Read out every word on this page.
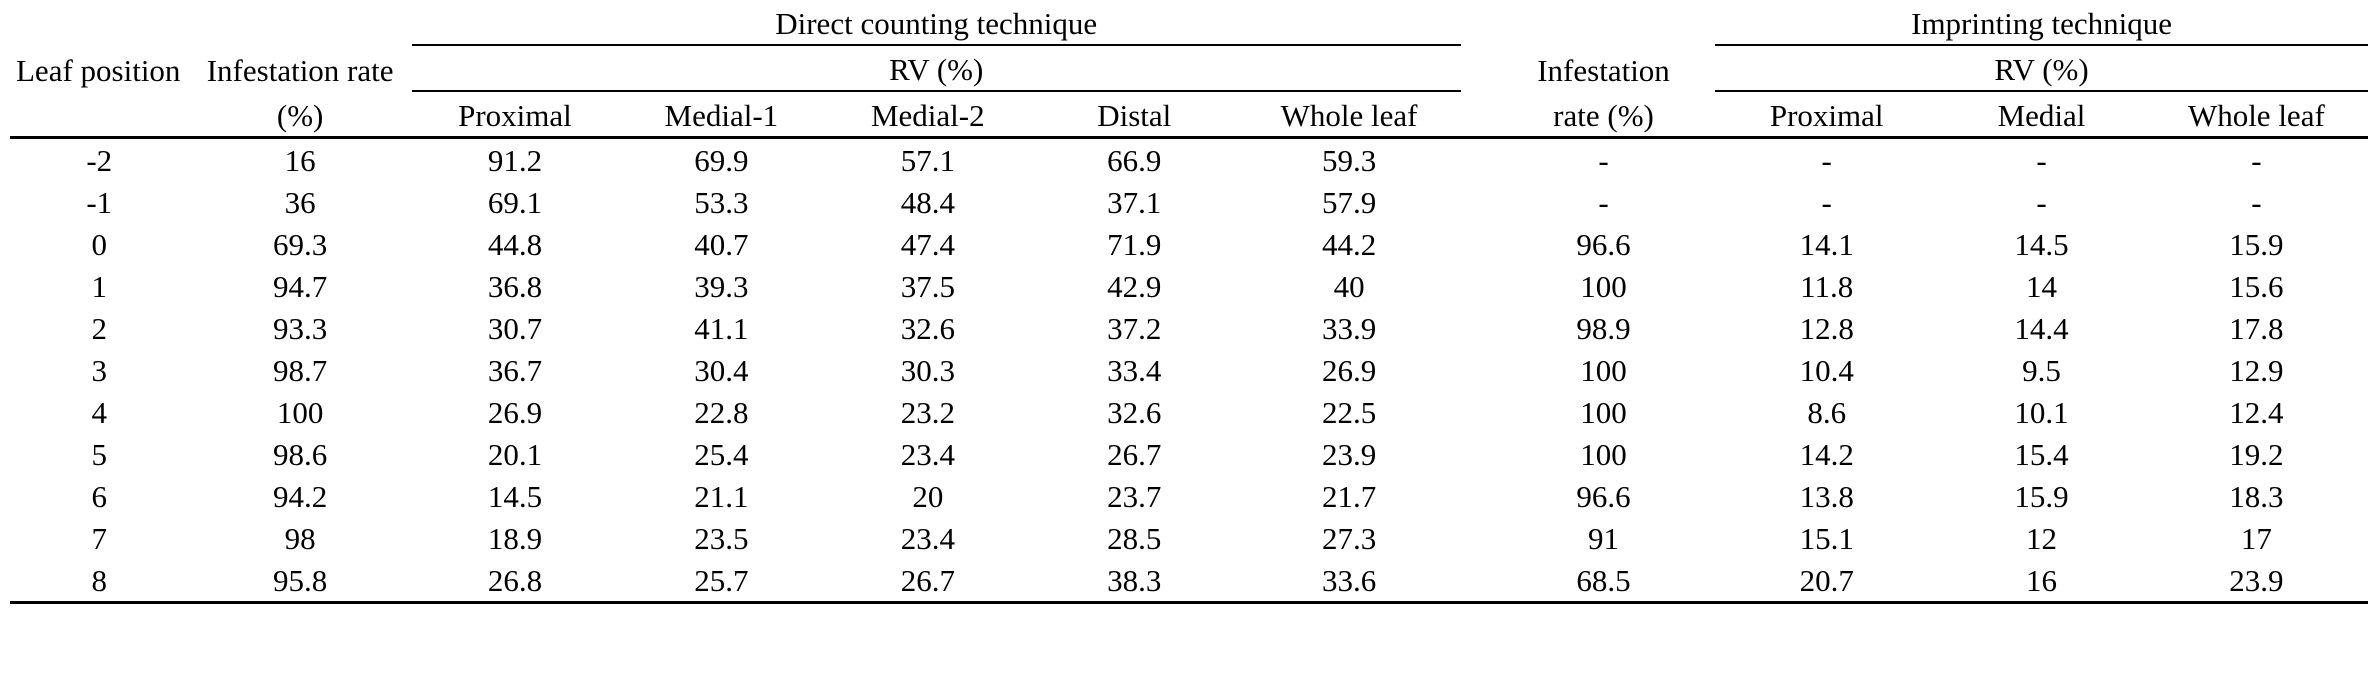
		Direct counting technique							Imprinting technique		
Leaf position	Infestation rate	RV (%)						Infestation	RV (%)		
	(%)	Proximal	Medial-1	Medial-2	Distal	Whole leaf		rate (%)	Proximal	Medial	Whole leaf
-2	16	91.2	69.9	57.1	66.9	59.3		-	-	-	-
-1	36	69.1	53.3	48.4	37.1	57.9		-	-	-	-
0	69.3	44.8	40.7	47.4	71.9	44.2		96.6	14.1	14.5	15.9
1	94.7	36.8	39.3	37.5	42.9	40		100	11.8	14	15.6
2	93.3	30.7	41.1	32.6	37.2	33.9		98.9	12.8	14.4	17.8
3	98.7	36.7	30.4	30.3	33.4	26.9		100	10.4	9.5	12.9
4	100	26.9	22.8	23.2	32.6	22.5		100	8.6	10.1	12.4
5	98.6	20.1	25.4	23.4	26.7	23.9		100	14.2	15.4	19.2
6	94.2	14.5	21.1	20	23.7	21.7		96.6	13.8	15.9	18.3
7	98	18.9	23.5	23.4	28.5	27.3		91	15.1	12	17
8	95.8	26.8	25.7	26.7	38.3	33.6		68.5	20.7	16	23.9
